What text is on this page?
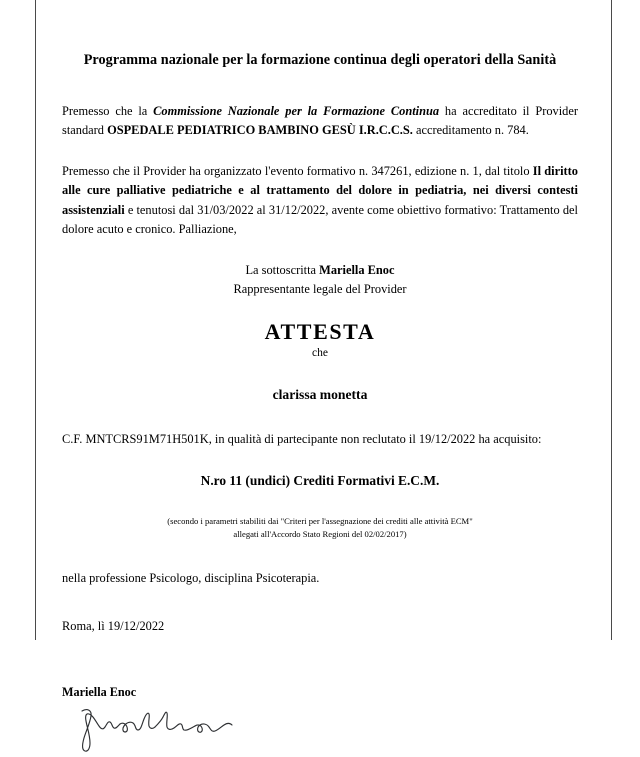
Programma nazionale per la formazione continua degli operatori della Sanità

Premesso che la Commissione Nazionale per la Formazione Continua ha accreditato il Provider standard OSPEDALE PEDIATRICO BAMBINO GESÙ I.R.C.C.S. accreditamento n. 784.

Premesso che il Provider ha organizzato l'evento formativo n. 347261, edizione n. 1, dal titolo Il diritto alle cure palliative pediatriche e al trattamento del dolore in pediatria, nei diversi contesti assistenziali e tenutosi dal 31/03/2022 al 31/12/2022, avente come obiettivo formativo: Trattamento del dolore acuto e cronico. Palliazione,

La sottoscritta Mariella Enoc

Rappresentante legale del Provider

ATTESTA

che

clarissa monetta

C.F. MNTCRS91M71H501K, in qualità di partecipante non reclutato il 19/12/2022 ha acquisito:

N.ro 11 (undici) Crediti Formativi E.C.M.

(secondo i parametri stabiliti dai "Criteri per l'assegnazione dei crediti alle attività ECM"
allegati all'Accordo Stato Regioni del 02/02/2017)

nella professione Psicologo, disciplina Psicoterapia.

Roma, lì 19/12/2022

Mariella Enoc
